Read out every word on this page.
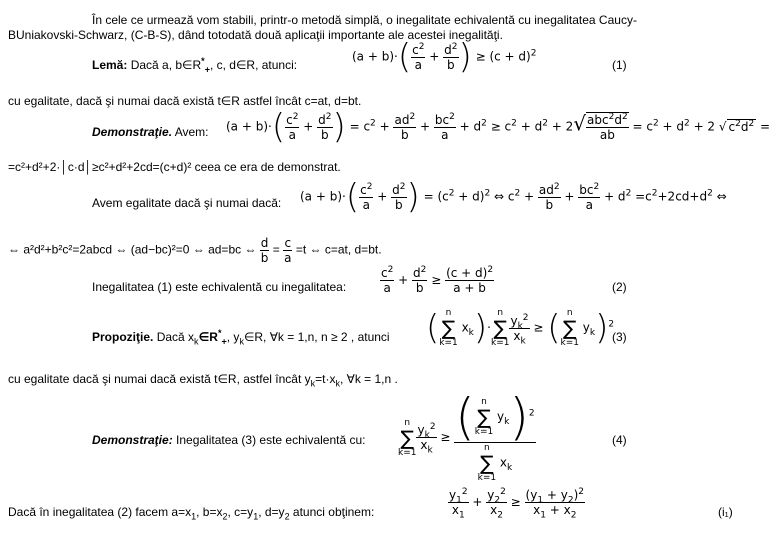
În cele ce urmează vom stabili, printr-o metodă simplă, o inegalitate echivalentă cu inegalitatea Caucy-
BUniakovski-Schwarz, (C-B-S), dând totodată două aplicaţii importante ale acestei inegalităţi.
Lemă: Dacă a, $b\in R^*_+$, c, d∈R, atunci:
$(a + b)\cdot( \frac{c^2}{a} + \frac{d^2}{b}$ ) ≥ $(c + d)^2$
(1)
cu egalitate, dacă şi numai dacă există t∈R astfel încât c=at, d=bt.
Demonstraţie. Avem: $(a + b)\cdot( \frac{c^2}{a} + \frac{d^2}{b}$ ) = $c^2 + \frac{ad^2}{b} + \frac{bc^2}{a} + d^2 \ge c^2 + d^2 + 2√ \frac{abc^2d^2}{ab} = c^2 + d^2 + 2$ √ $c^2d^2$ =
=c²+d²+2·│c·d│≥c²+d²+2cd=(c+d)² ceea ce era de demonstrat.
Avem egalitate dacă şi numai dacă: $(a + b)\cdot( \frac{c^2}{a} + \frac{d^2}{b}$ ) = $(c^2 + d)^2$ ⇔ $c^2 + \frac{ad^2}{b} + \frac{bc^2}{a} + d^2 =c^2+2cd+d^2$ ⇔
⇔ a²d²+b²c²=2abcd ⇔ (ad−bc)²=0 ⇔ ad=bc ⇔ $\frac{d}{b} = \frac{c}{a} =t$ ⇔ c=at, d=bt.
Inegalitatea (1) este echivalentă cu inegalitatea:	$\frac{c^2}{a} + \frac{d^2}{b} \ge \frac{(c + d)^2}{a + b}$	(2)
Propoziţie. Dacă $x_k\in R^*_+$, $y_k\in R$, ∀k = 1,n, n ≥ 2 , atunci ( n
∑
k=1 $x_k)\cdot n$
∑
k=1
$\frac{y_k^2}{x_k}$ ≥ ( n
∑
k=1 $y_k)^2$
(3)
cu egalitate dacă şi numai dacă există t∈R, astfel încât $y_k=t\cdot x_k$, ∀k = 1,n .
Demonstraţie: Inegalitatea (3) este echivalentă cu:
n
∑
k=1
$\frac{y_k^2}{x_k}$ ≥ ( n
∑
k=1 $y_k)^2$
n
∑
k=1 $x_k$	(4)
Dacă în inegalitatea (2) facem $a=x_1$, $b=x_2$, $c=y_1$, $d=y_2$ atunci obţinem:	$\frac{y_1^2}{x_1} + \frac{y_2^2}{x_2} \ge \frac{(y_1 + y_2)^2}{x_1 + x_2}$	(i₁)
